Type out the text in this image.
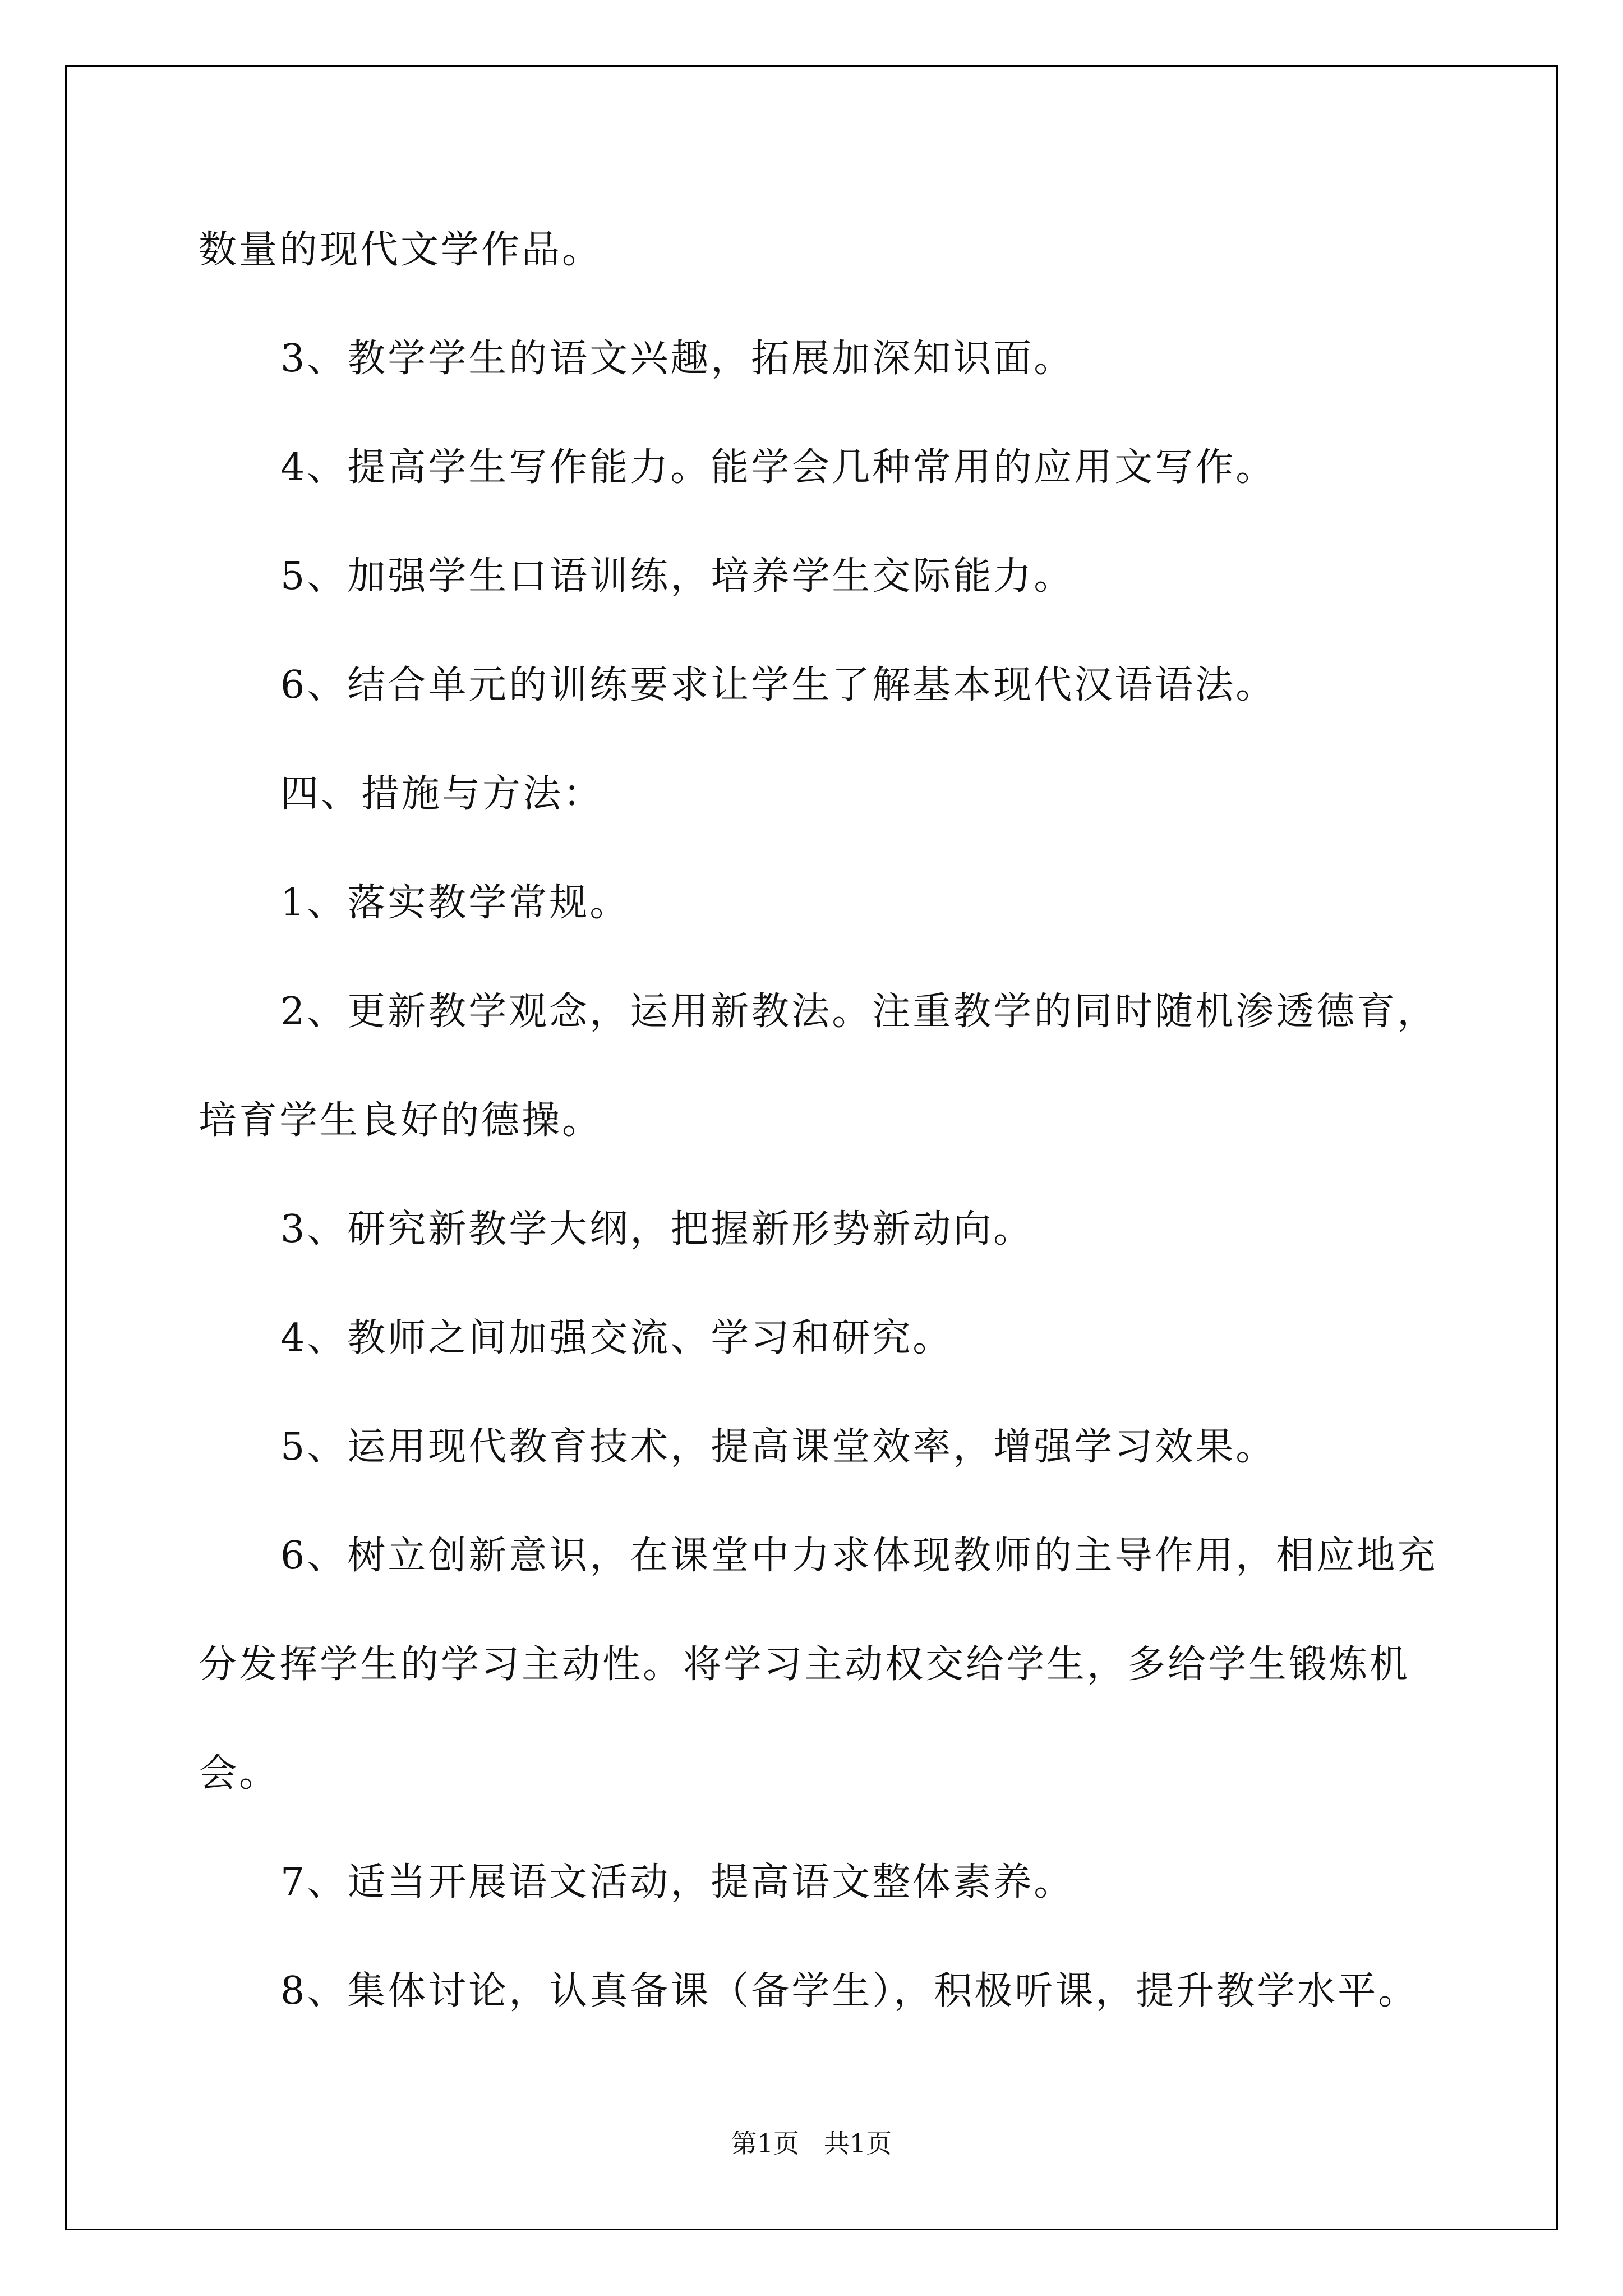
数量的现代文学作品。
3、教学学生的语文兴趣，拓展加深知识面。
4、提高学生写作能力。能学会几种常用的应用文写作。
5、加强学生口语训练，培养学生交际能力。
6、结合单元的训练要求让学生了解基本现代汉语语法。
四、措施与方法：
1、落实教学常规。
2、更新教学观念，运用新教法。注重教学的同时随机渗透德育，
培育学生良好的德操。
3、研究新教学大纲，把握新形势新动向。
4、教师之间加强交流、学习和研究。
5、运用现代教育技术，提高课堂效率，增强学习效果。
6、树立创新意识，在课堂中力求体现教师的主导作用，相应地充
分发挥学生的学习主动性。将学习主动权交给学生，多给学生锻炼机
会。
7、适当开展语文活动，提高语文整体素养。
8、集体讨论，认真备课（备学生），积极听课，提升教学水平。
第1页   共1页
